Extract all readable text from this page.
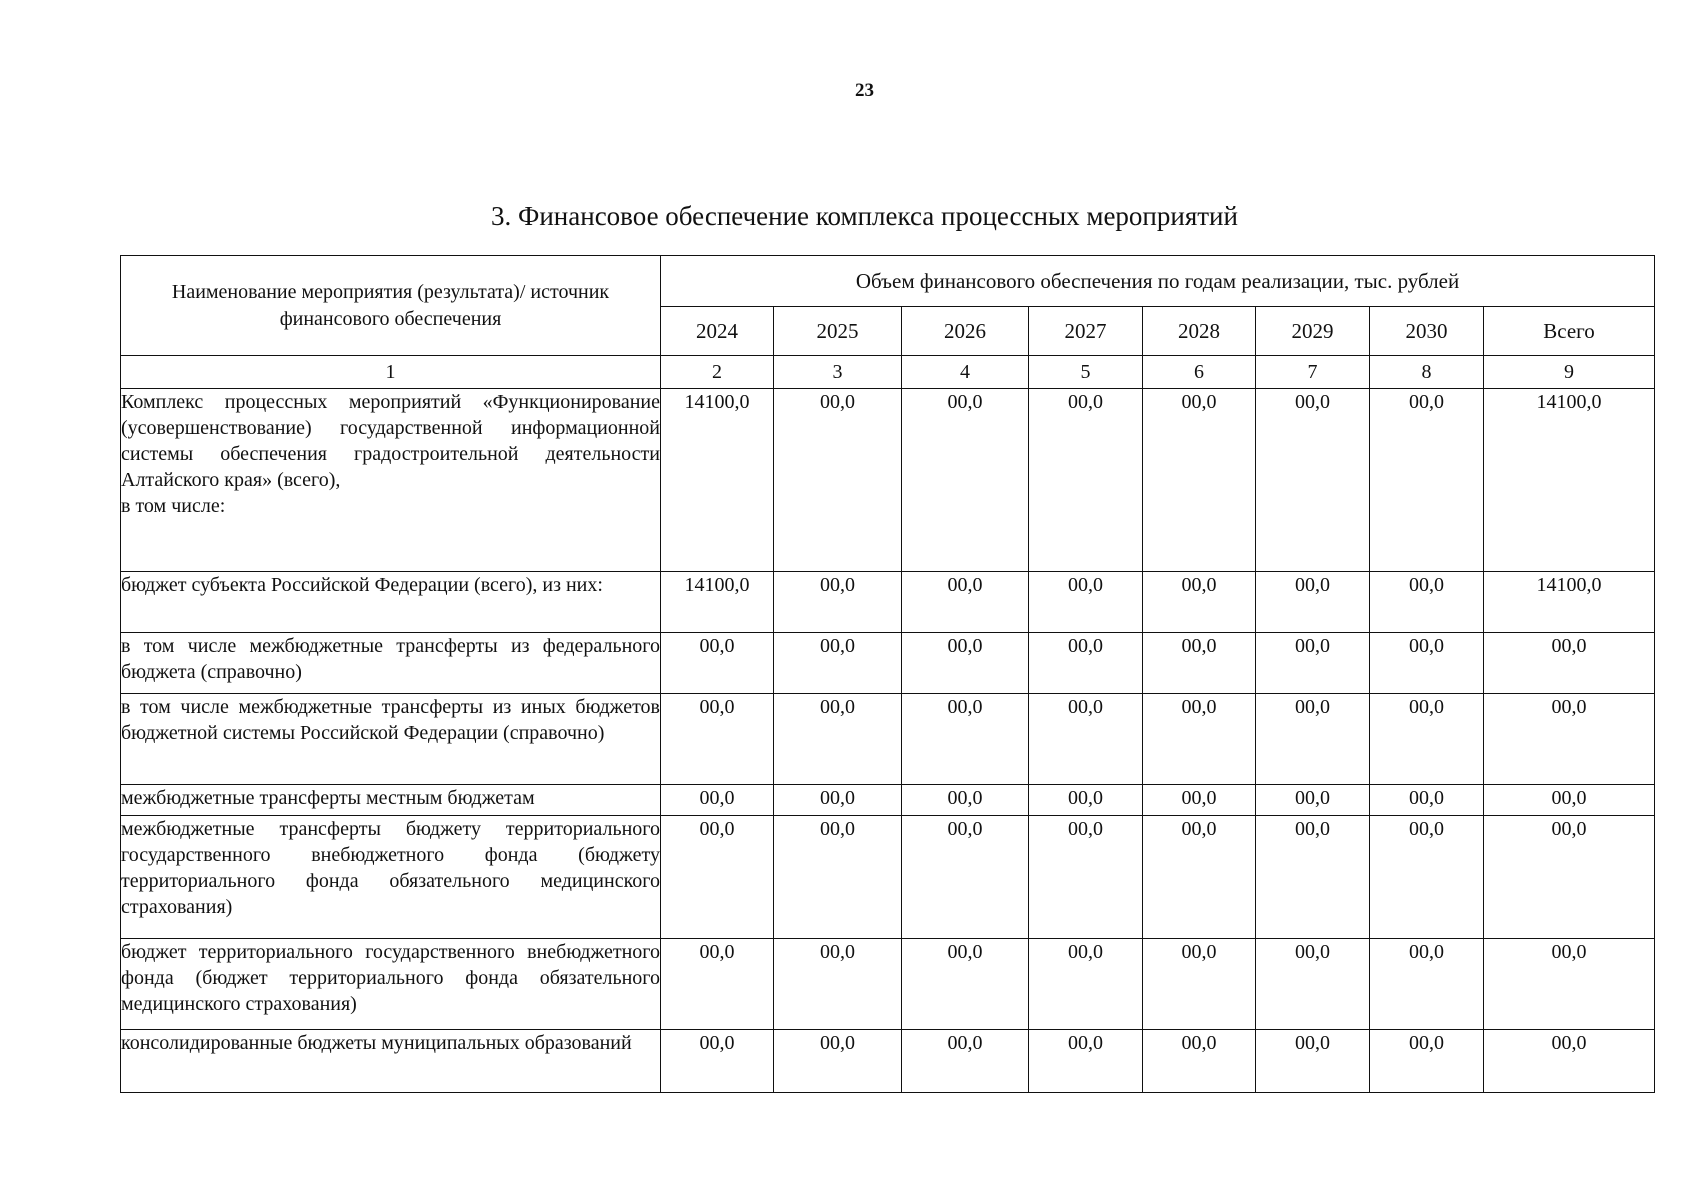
23
3. Финансовое обеспечение комплекса процессных мероприятий
Наименование мероприятия (результата)/ источник финансового обеспечения	Объем финансового обеспечения по годам реализации, тыс. рублей							
	2024	2025	2026	2027	2028	2029	2030	Всего
1	2	3	4	5	6	7	8	9
Комплекс процессных мероприятий «Функционирование (усовершенствование) государственной информационной системы обеспечения градостроительной деятельности Алтайского края» (всего),
в том числе:	14100,0	00,0	00,0	00,0	00,0	00,0	00,0	14100,0
бюджет субъекта Российской Федерации (всего), из них:	14100,0	00,0	00,0	00,0	00,0	00,0	00,0	14100,0
в том числе межбюджетные трансферты из федерального бюджета (справочно)	00,0	00,0	00,0	00,0	00,0	00,0	00,0	00,0
в том числе межбюджетные трансферты из иных бюджетов бюджетной системы Российской Федерации (справочно)	00,0	00,0	00,0	00,0	00,0	00,0	00,0	00,0
межбюджетные трансферты местным бюджетам	00,0	00,0	00,0	00,0	00,0	00,0	00,0	00,0
межбюджетные трансферты бюджету территориального государственного внебюджетного фонда (бюджету территориального фонда обязательного медицинского страхования)	00,0	00,0	00,0	00,0	00,0	00,0	00,0	00,0
бюджет территориального государственного внебюджетного фонда (бюджет территориального фонда обязательного медицинского страхования)	00,0	00,0	00,0	00,0	00,0	00,0	00,0	00,0
консолидированные бюджеты муниципальных образований	00,0	00,0	00,0	00,0	00,0	00,0	00,0	00,0
